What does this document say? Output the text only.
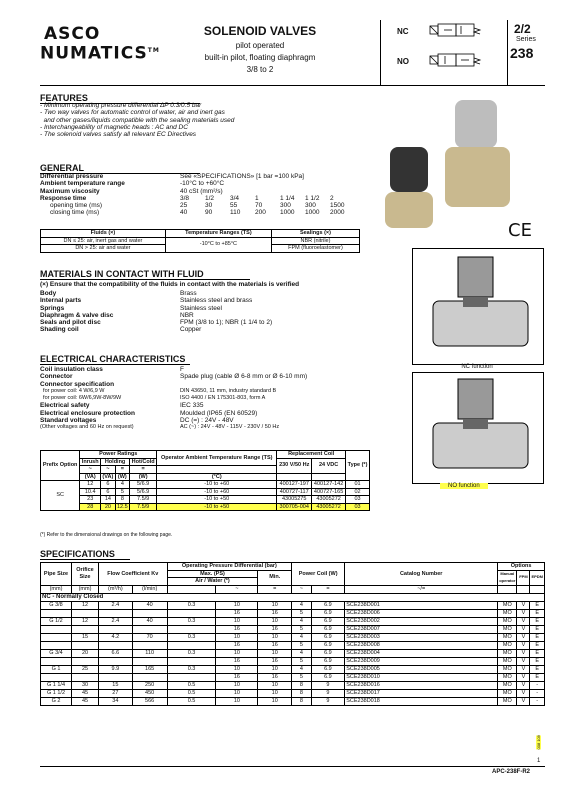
ASCO
NUMATICS™
SOLENOID VALVES
pilot operated
built-in pilot, floating diaphragm
3/8 to 2
NC
NO
2/2
Series
238
FEATURES
- Minimum operating pressure differential ΔP 0.3/0.5 bar
- Two way valves for automatic control of water, air and inert gas
and other gases/liquids compatible with the sealing materials used
- Interchangeability of magnetic heads : AC and DC
- The solenoid valves satisfy all relevant EC Directives
GENERAL
Differential pressure	See «SPECIFICATIONS» [1 bar =100 kPa]
Ambient temperature range	-10°C to +60°C
Maximum viscosity	40 cSt (mm²/s)
Response time	3/8	1/2	3/4	1	1 1/4	1 1/2	2
opening time (ms)	25	30	55	70	300	300	1500
closing time (ms)	40	90	110	200	1000	1000	2000
Fluids (×)	Temperature Ranges (TS)	Sealings (×)
DN ≤ 25: air, inert gas and water	-10°C to +85°C	NBR (nitrile)
DN > 25: air and water		FPM (fluoroelastomer)
CE
MATERIALS IN CONTACT WITH FLUID
(×) Ensure that the compatibility of the fluids in contact with the materials is verified
Body	Brass
Internal parts	Stainless steel and brass
Springs	Stainless steel
Diaphragm & valve disc	NBR
Seals and pilot disc	FPM (3/8 to 1); NBR (1 1/4 to 2)
Shading coil	Copper
NC function
NO function
ELECTRICAL CHARACTERISTICS
Coil insulation class	F
Connector	Spade plug (cable Ø 6-8 mm or Ø 6-10 mm)
Connector specification
for power coil: 4 W/6,9 W	DIN 43650, 11 mm, industry standard B
for power coil: 6W/6,9W-8W/9W	ISO 4400 / EN 175301-803, form A
Electrical safety	IEC 335
Electrical enclosure protection	Moulded (IP65 (EN 60529)
Standard voltages	DC (=) : 24V - 48V
(Other voltages and 60 Hz on request)	AC (~) : 24V - 48V - 115V - 230V / 50 Hz
Prefix Option	Power Ratings				Operator Ambient Temperature Range (TS)	Replacement Coil		Type (*)
	Inrush	Holding		Hot/Cold		230 V/50 Hz	24 VDC	
	~	~	=	=				
	(VA)	(VA)	(W)	(W)	(°C)			
SC	12	6	4	5/6.9	-10 to +60	400127-197	400127-142	01
	10.4	6	5	5/6.9	-10 to +60	400727-117	400727-165	02
	23	14	8	7.5/9	-10 to +50	43005275	43005272	03
	28	20	12.5	7.5/9	-10 to +50	300705-004	43005272	03
(*) Refer to the dimensional drawings on the following page.
SPECIFICATIONS
Pipe Size	Orifice Size	Flow Coefficient Kv		Operating Pressure Differential (bar)			Power Coil (W)		Catalog Number	Options		
				Max. (PS)		Min.				Manual operator	FPM	EPDM
				Air / Water (*)								
(mm)	(mm)	(m³/h)	(l/min)		~	=	~	=	~/=			
NC - Normally Closed												
G 3/8	12	2.4	40	0.3	10	10	4	6.9	SCE238D001	MO	V	E
					16	16	5	6.9	SCE238D006	MO	V	E
G 1/2	12	2.4	40	0.3	10	10	4	6.9	SCE238D002	MO	V	E
					16	16	5	6.9	SCE238D007	MO	V	E
	15	4.2	70	0.3	10	10	4	6.9	SCE238D003	MO	V	E
					16	16	5	6.9	SCE238D008	MO	V	E
G 3/4	20	6.6	110	0.3	10	10	4	6.9	SCE238D004	MO	V	E
					16	16	5	6.9	SCE238D009	MO	V	E
G 1	25	9.9	165	0.3	10	10	4	6.9	SCE238D005	MO	V	E
					16	16	5	6.9	SCE238D010	MO	V	E
G 1 1/4	30	15	250	0.5	10	10	8	9	SCE238D016	MO	V	-
G 1 1/2	45	27	450	0.5	10	10	8	9	SCE238D017	MO	V	-
G 2	45	34	566	0.5	10	10	8	9	SCE238D018	MO	V	-
008 109
1
APC-238F-R2
